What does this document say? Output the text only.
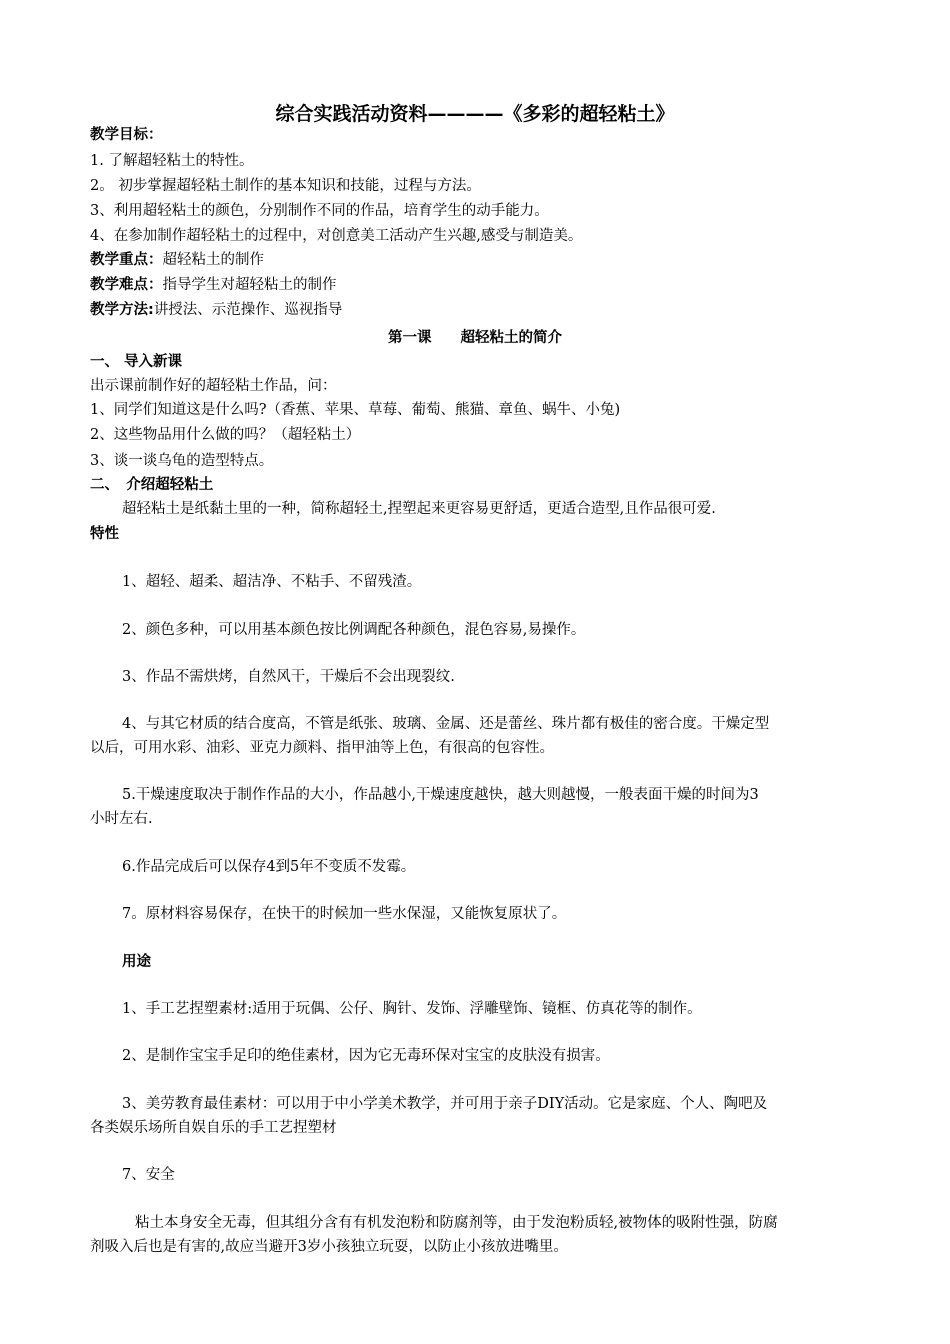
综合实践活动资料————《多彩的超轻粘土》
教学目标：
1. 了解超轻粘土的特性。
2。 初步掌握超轻粘土制作的基本知识和技能，过程与方法。
3、利用超轻粘土的颜色，分别制作不同的作品，培育学生的动手能力。
4、在参加制作超轻粘土的过程中，对创意美工活动产生兴趣,感受与制造美。
教学重点：超轻粘土的制作
教学难点：指导学生对超轻粘土的制作
教学方法:讲授法、示范操作、巡视指导
第一课　　超轻粘土的简介
一、 导入新课
出示课前制作好的超轻粘土作品，问：
1、同学们知道这是什么吗?（香蕉、苹果、草莓、葡萄、熊猫、章鱼、蜗牛、小兔)
2、这些物品用什么做的吗？（超轻粘土）
3、谈一谈乌龟的造型特点。
二、　介绍超轻粘土
超轻粘土是纸黏土里的一种，简称超轻土,捏塑起来更容易更舒适，更适合造型,且作品很可爱.
特性
1、超轻、超柔、超洁净、不粘手、不留残渣。
2、颜色多种，可以用基本颜色按比例调配各种颜色，混色容易,易操作。
3、作品不需烘烤，自然风干，干燥后不会出现裂纹.
4、与其它材质的结合度高，不管是纸张、玻璃、金属、还是蕾丝、珠片都有极佳的密合度。干燥定型
以后，可用水彩、油彩、亚克力颜料、指甲油等上色，有很高的包容性。
5.干燥速度取决于制作作品的大小，作品越小,干燥速度越快，越大则越慢，一般表面干燥的时间为3
小时左右.
6.作品完成后可以保存4到5年不变质不发霉。
7。原材料容易保存，在快干的时候加一些水保湿，又能恢复原状了。
用途
1、手工艺捏塑素材:适用于玩偶、公仔、胸针、发饰、浮雕壁饰、镜框、仿真花等的制作。
2、是制作宝宝手足印的绝佳素材，因为它无毒环保对宝宝的皮肤没有损害。
3、美劳教育最佳素材：可以用于中小学美术教学，并可用于亲子DIY活动。它是家庭、个人、陶吧及
各类娱乐场所自娱自乐的手工艺捏塑材
7、安全
粘土本身安全无毒，但其组分含有有机发泡粉和防腐剂等，由于发泡粉质轻,被物体的吸附性强，防腐
剂吸入后也是有害的,故应当避开3岁小孩独立玩耍，以防止小孩放进嘴里。
